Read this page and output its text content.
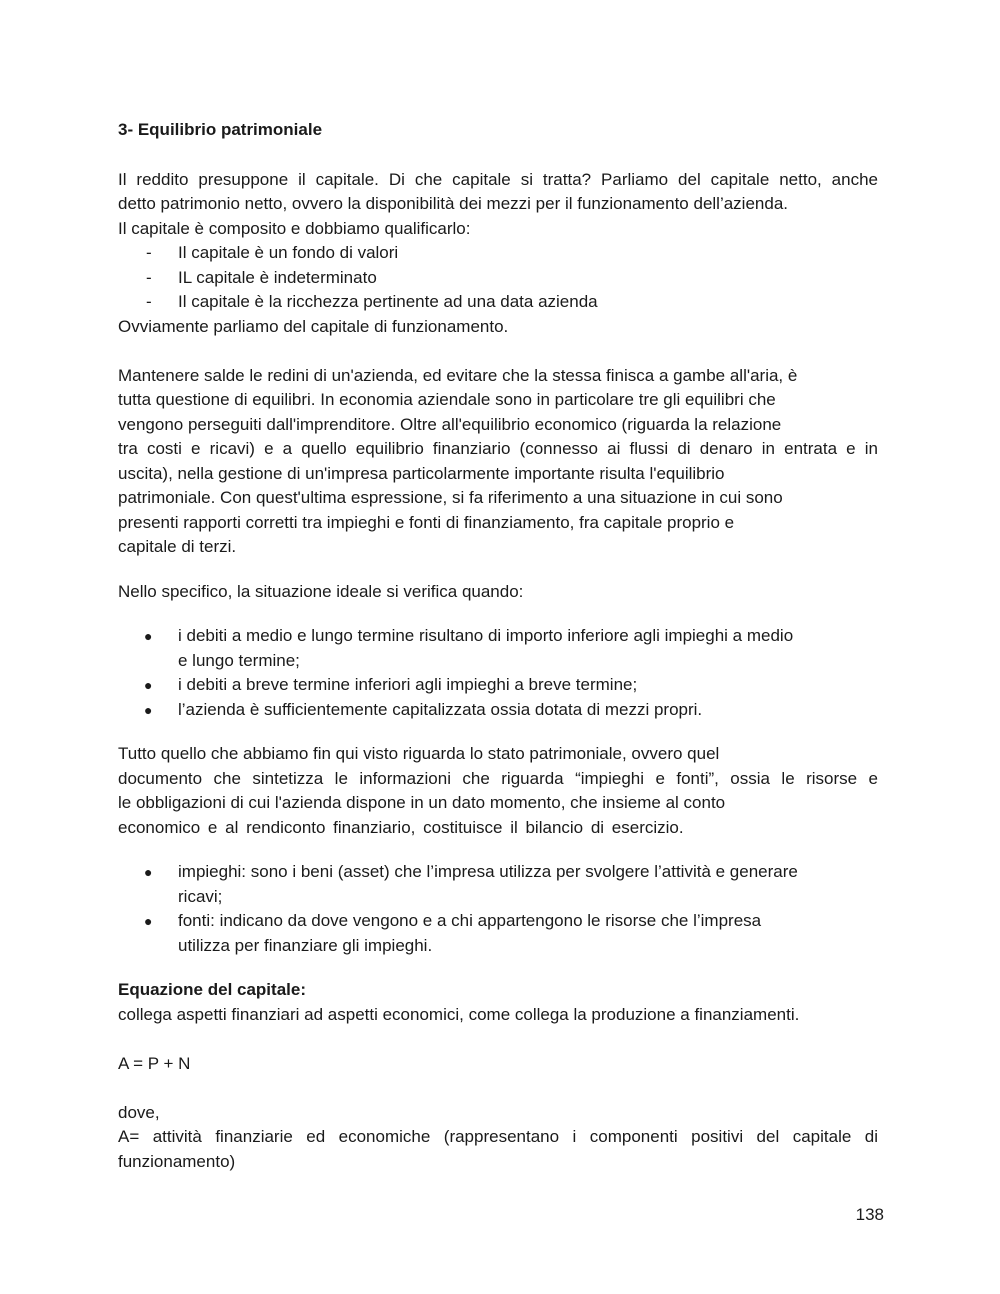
3- Equilibrio patrimoniale
Il reddito presuppone il capitale. Di che capitale si tratta? Parliamo del capitale netto, anche
detto patrimonio netto, ovvero la disponibilità dei mezzi per il funzionamento dell’azienda.
Il capitale è composito e dobbiamo qualificarlo:
- Il capitale è un fondo di valori
- IL capitale è indeterminato
- Il capitale è la ricchezza pertinente ad una data azienda
Ovviamente parliamo del capitale di funzionamento.
Mantenere salde le redini di un'azienda, ed evitare che la stessa finisca a gambe all'aria, è
tutta questione di equilibri. In economia aziendale sono in particolare tre gli equilibri che
vengono perseguiti dall'imprenditore. Oltre all'equilibrio economico (riguarda la relazione
tra costi e ricavi) e a quello equilibrio finanziario (connesso ai flussi di denaro in entrata e in
uscita), nella gestione di un'impresa particolarmente importante risulta l'equilibrio
patrimoniale. Con quest'ultima espressione, si fa riferimento a una situazione in cui sono
presenti rapporti corretti tra impieghi e fonti di finanziamento, fra capitale proprio e
capitale di terzi.
Nello specifico, la situazione ideale si verifica quando:
● i debiti a medio e lungo termine risultano di importo inferiore agli impieghi a medio
e lungo termine;
● i debiti a breve termine inferiori agli impieghi a breve termine;
● l’azienda è sufficientemente capitalizzata ossia dotata di mezzi propri.
Tutto quello che abbiamo fin qui visto riguarda lo stato patrimoniale, ovvero quel
documento che sintetizza le informazioni che riguarda “impieghi e fonti”, ossia le risorse e
le obbligazioni di cui l'azienda dispone in un dato momento, che insieme al conto
economico e al rendiconto finanziario, costituisce il bilancio di esercizio.
● impieghi: sono i beni (asset) che l’impresa utilizza per svolgere l’attività e generare
ricavi;
● fonti: indicano da dove vengono e a chi appartengono le risorse che l’impresa
utilizza per finanziare gli impieghi.
Equazione del capitale:
collega aspetti finanziari ad aspetti economici, come collega la produzione a finanziamenti.
A = P + N
dove,
A= attività finanziarie ed economiche (rappresentano i componenti positivi del capitale di
funzionamento)
138
